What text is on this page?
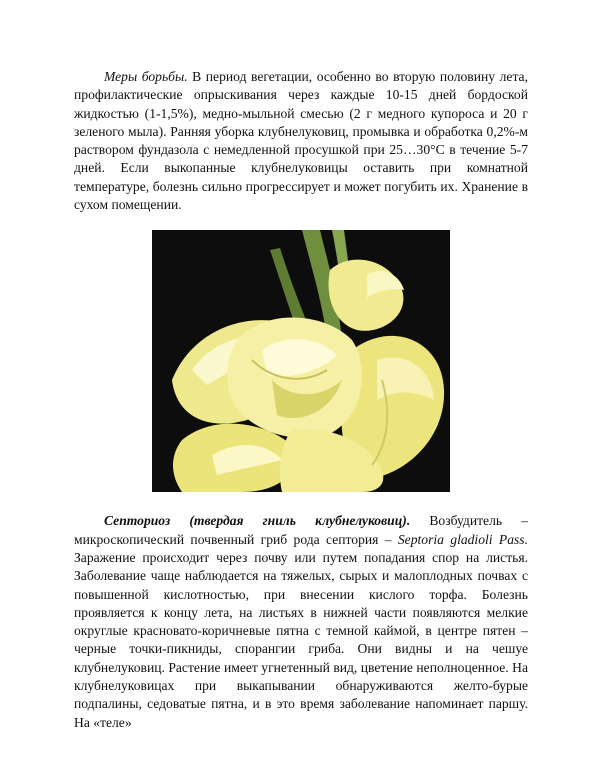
Меры борьбы. В период вегетации, особенно во вторую половину лета, профилактические опрыскивания через каждые 10-15 дней бордоской жидкостью (1-1,5%), медно-мыльной смесью (2 г медного купороса и 20 г зеленого мыла). Ранняя уборка клубнелуковиц, промывка и обработка 0,2%-м раствором фундазола с немедленной просушкой при 25…30°С в течение 5-7 дней. Если выкопанные клубнелуковицы оставить при комнатной температуре, болезнь сильно прогрессирует и может погубить их. Хранение в сухом помещении.

Септориоз (твердая гниль клубнелуковиц). Возбудитель – микроскопический почвенный гриб рода септория – Septoria gladioli Pass. Заражение происходит через почву или путем попадания спор на листья. Заболевание чаще наблюдается на тяжелых, сырых и малоплодных почвах с повышенной кислотностью, при внесении кислого торфа. Болезнь проявляется к концу лета, на листьях в нижней части появляются мелкие округлые красновато-коричневые пятна с темной каймой, в центре пятен – черные точки-пикниды, спорангии гриба. Они видны и на чешуе клубнелуковиц. Растение имеет угнетенный вид, цветение неполноценное. На клубнелуковицах при выкапывании обнаруживаются желто-бурые подпалины, седоватые пятна, и в это время заболевание напоминает паршу. На «теле»
